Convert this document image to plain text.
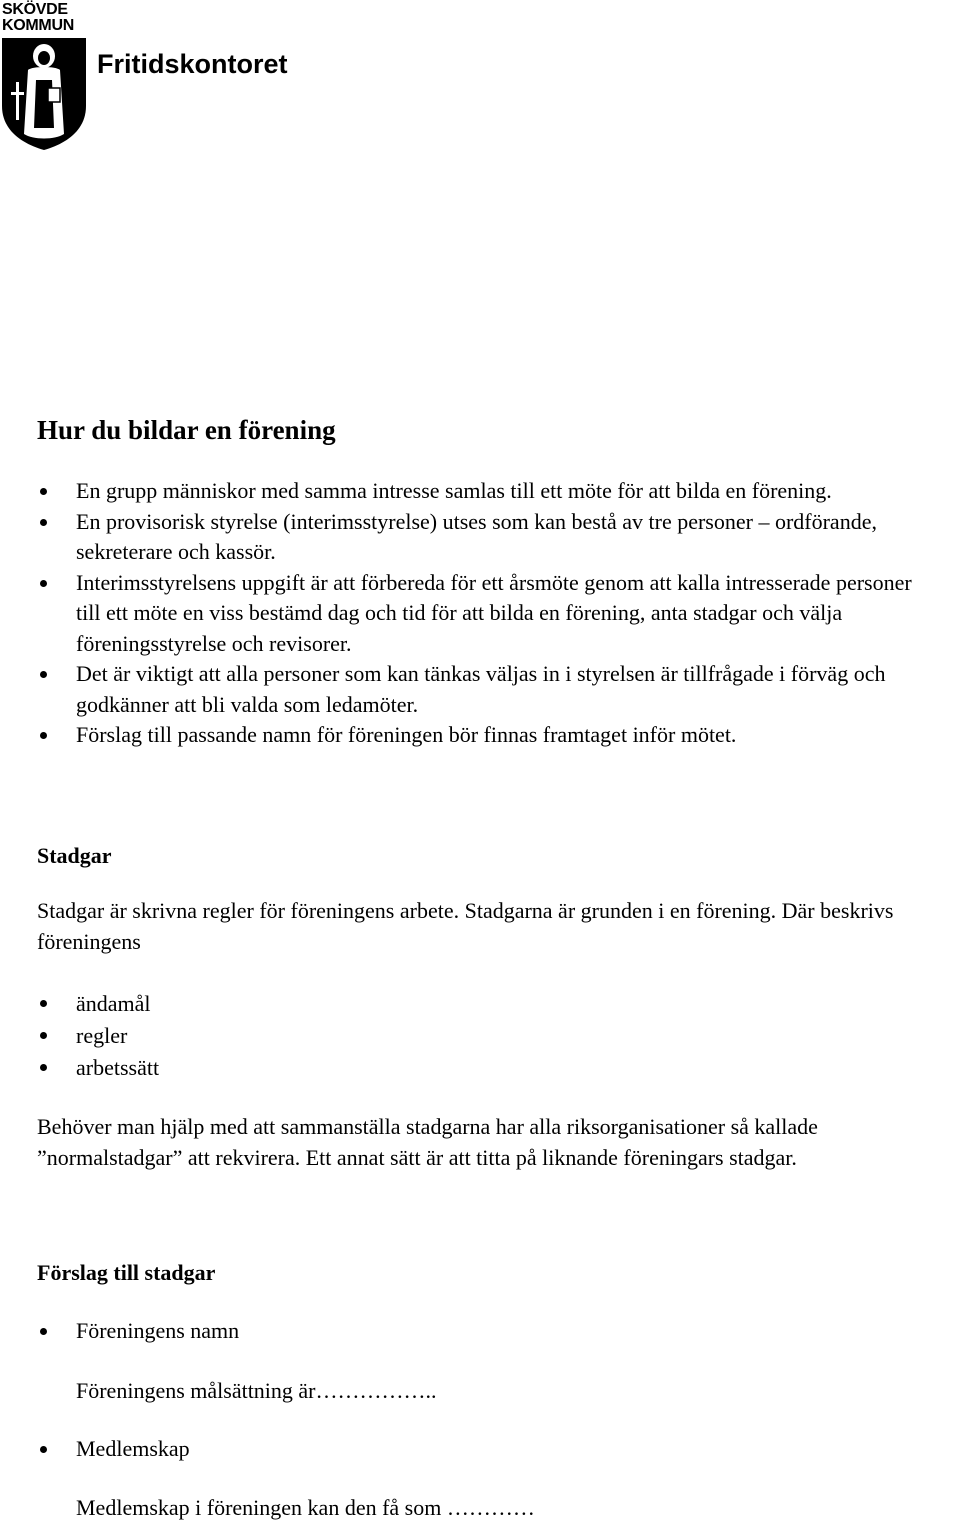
SKÖVDE
KOMMUN
Fritidskontoret
Hur du bildar en förening
En grupp människor med samma intresse samlas till ett möte för att bilda en förening.
En provisorisk styrelse (interimsstyrelse) utses som kan bestå av tre personer – ordförande, sekreterare och kassör.
Interimsstyrelsens uppgift är att förbereda för ett årsmöte genom att kalla intresserade personer till ett möte en viss bestämd dag och tid för att bilda en förening, anta stadgar och välja föreningsstyrelse och revisorer.
Det är viktigt att alla personer som kan tänkas väljas in i styrelsen är tillfrågade i förväg och godkänner att bli valda som ledamöter.
Förslag till passande namn för föreningen bör finnas framtaget inför mötet.
Stadgar
Stadgar är skrivna regler för föreningens arbete. Stadgarna är grunden i en förening. Där beskrivs föreningens
ändamål
regler
arbetssätt
Behöver man hjälp med att sammanställa stadgarna har alla riksorganisationer så kallade ”normalstadgar” att rekvirera. Ett annat sätt är att titta på liknande föreningars stadgar.
Förslag till stadgar
Föreningens namn
Föreningens målsättning är……………..
Medlemskap
Medlemskap i föreningen kan den få som …………
